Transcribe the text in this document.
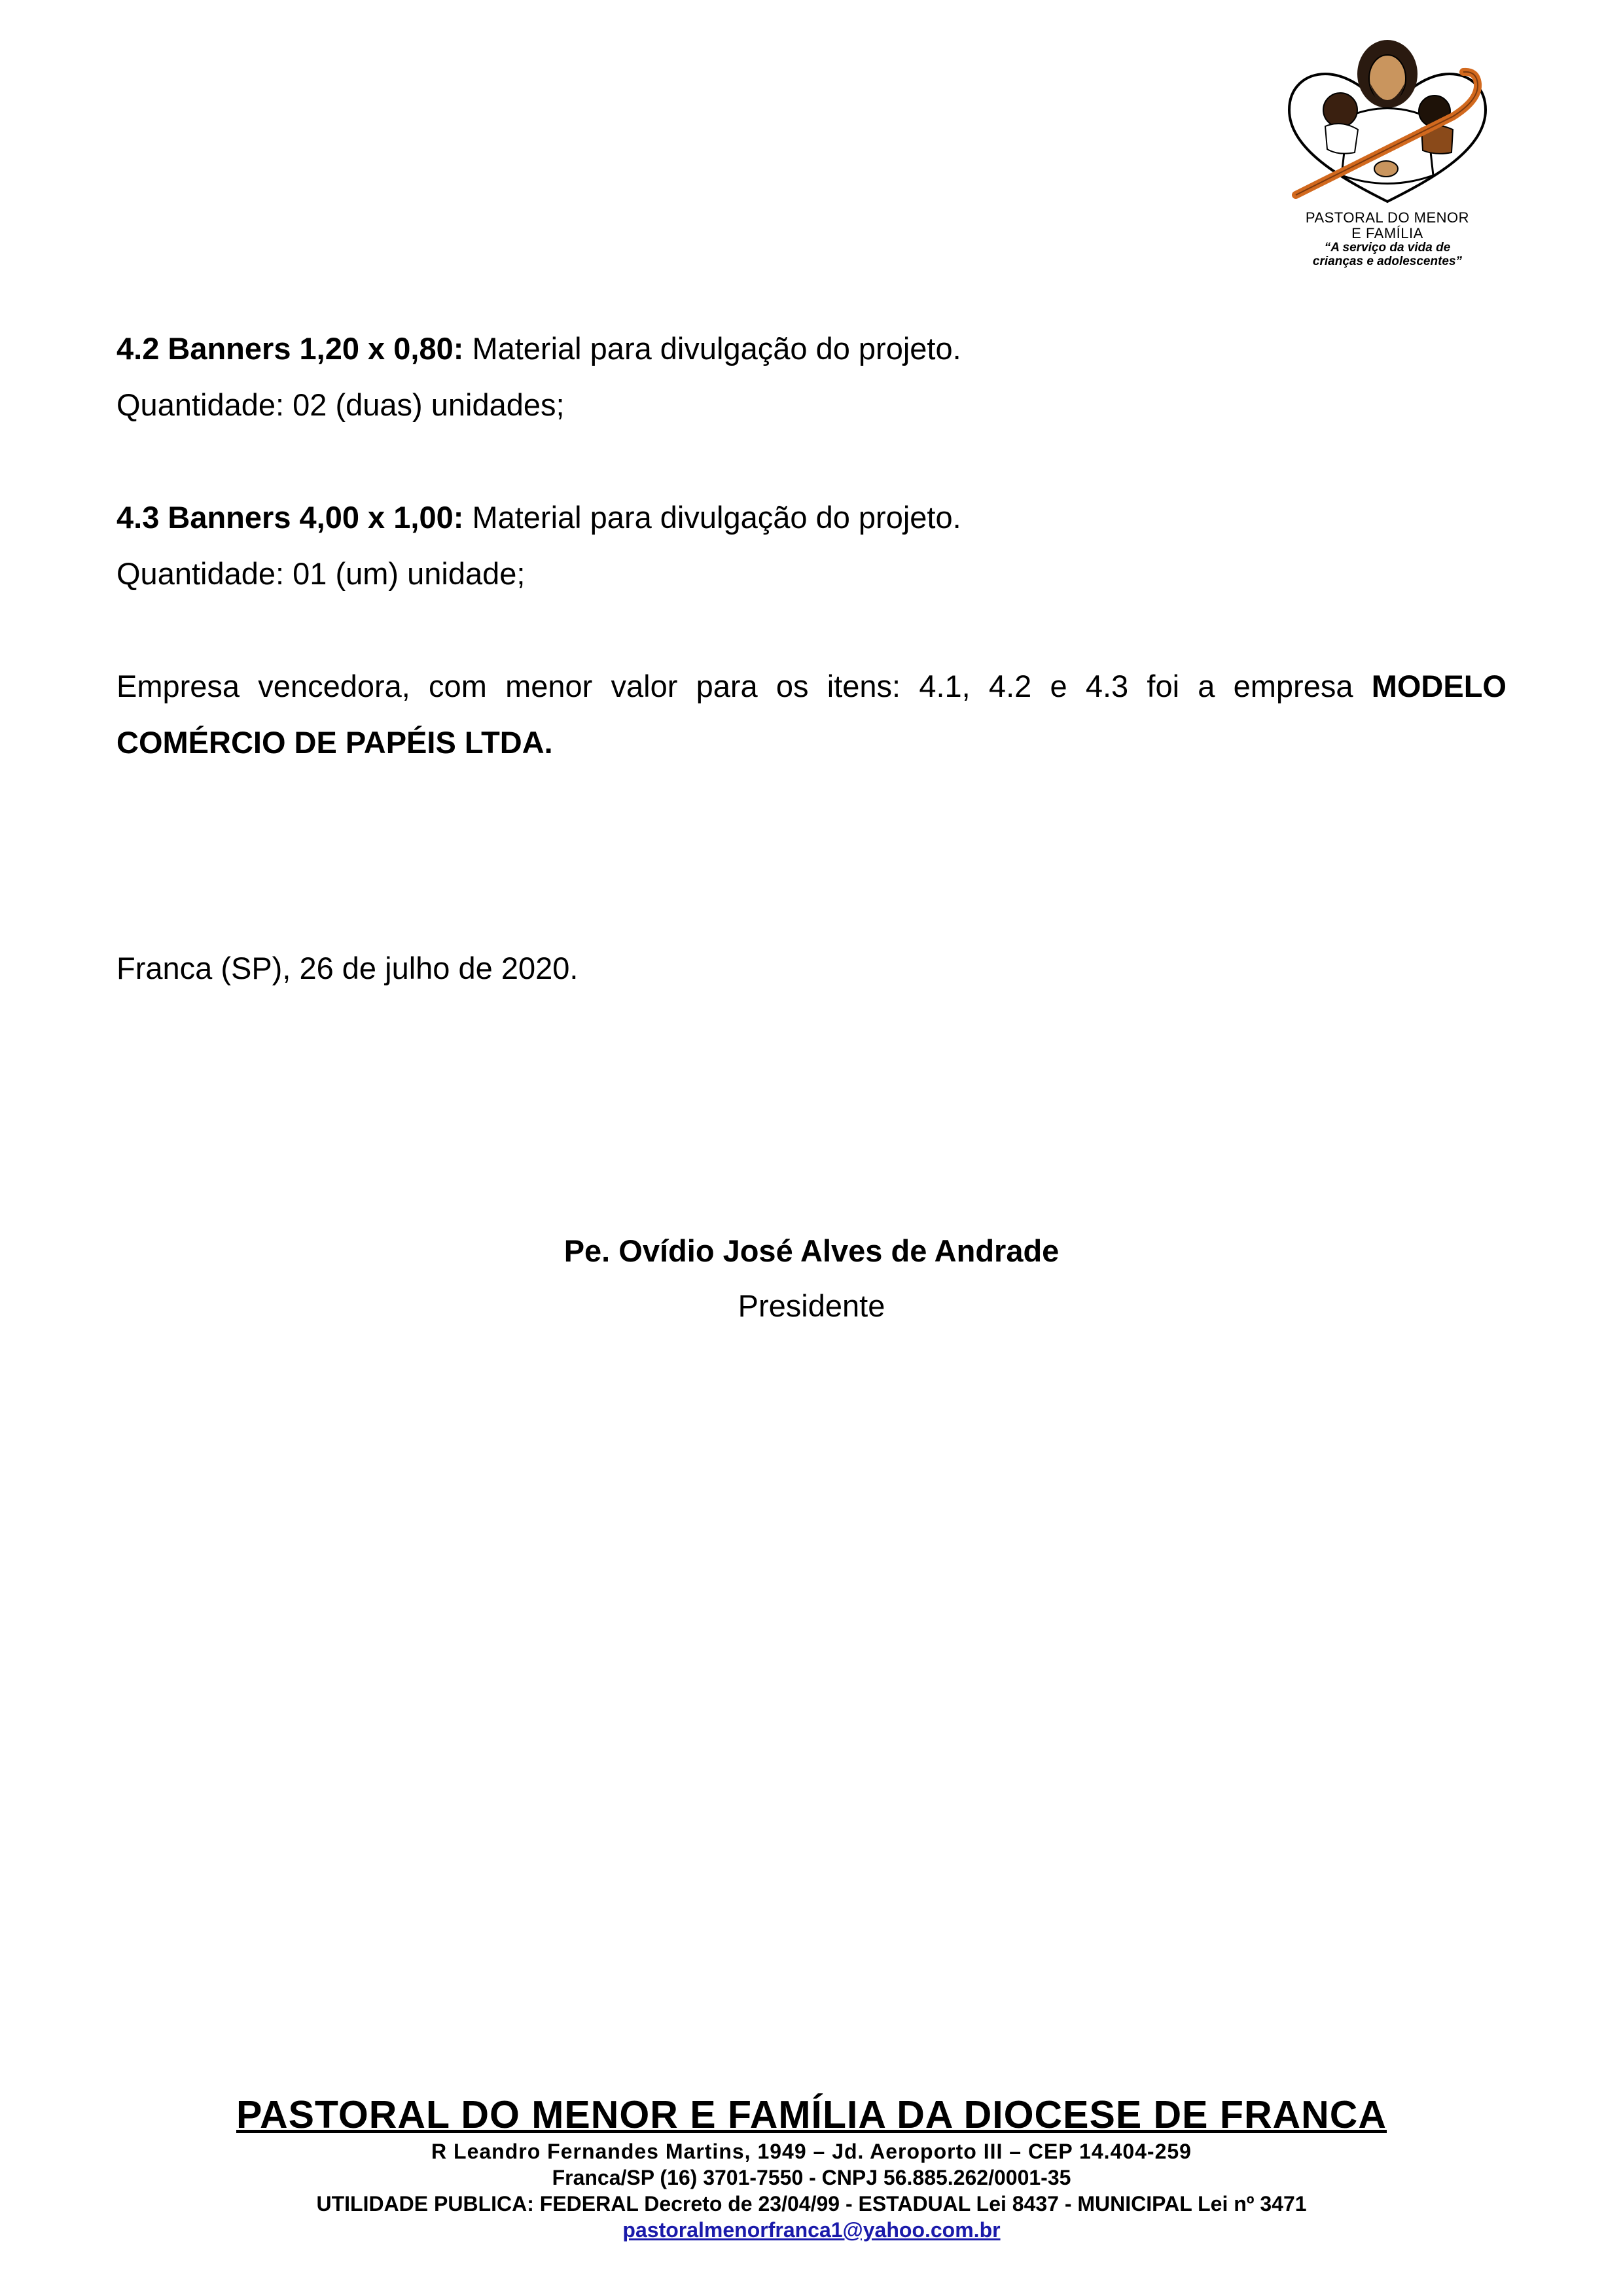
PASTORAL DO MENOR
E FAMÍLIA
“A serviço da vida de
crianças e adolescentes”
4.2 Banners 1,20 x 0,80: Material para divulgação do projeto.
Quantidade: 02 (duas) unidades;
4.3 Banners 4,00 x 1,00: Material para divulgação do projeto.
Quantidade: 01 (um) unidade;
Empresa vencedora, com menor valor para os itens: 4.1, 4.2 e 4.3 foi a empresa MODELO COMÉRCIO DE PAPÉIS LTDA.
Franca (SP), 26 de julho de 2020.
Pe. Ovídio José Alves de Andrade
Presidente
PASTORAL DO MENOR E FAMÍLIA DA DIOCESE DE FRANCA
R Leandro Fernandes Martins, 1949 – Jd. Aeroporto III – CEP 14.404-259
Franca/SP (16) 3701-7550 - CNPJ 56.885.262/0001-35
UTILIDADE PUBLICA: FEDERAL Decreto de 23/04/99 - ESTADUAL Lei 8437 - MUNICIPAL Lei nº 3471
pastoralmenorfranca1@yahoo.com.br
